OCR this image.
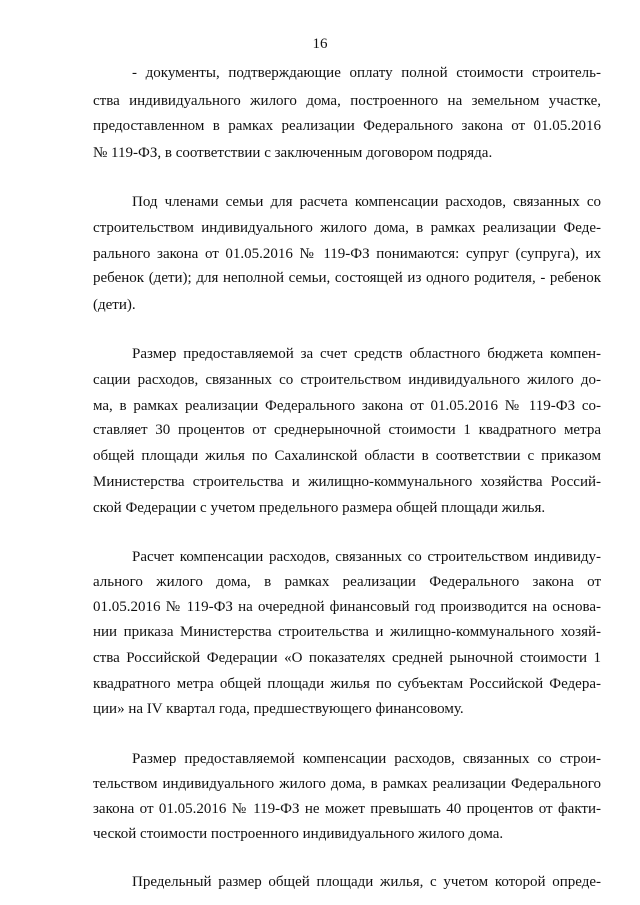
16
- документы, подтверждающие оплату полной стоимости строитель-
ства индивидуального жилого дома, построенного на земельном участке,
предоставленном в рамках реализации Федерального закона от 01.05.2016
№ 119-ФЗ, в соответствии с заключенным договором подряда.
Под членами семьи для расчета компенсации расходов, связанных со
строительством индивидуального жилого дома, в рамках реализации Феде-
рального закона от 01.05.2016 № 119-ФЗ понимаются: супруг (супруга), их
ребенок (дети); для неполной семьи, состоящей из одного родителя, - ребенок
(дети).
Размер предоставляемой за счет средств областного бюджета компен-
сации расходов, связанных со строительством индивидуального жилого до-
ма, в рамках реализации Федерального закона от 01.05.2016 № 119-ФЗ со-
ставляет 30 процентов от среднерыночной стоимости 1 квадратного метра
общей площади жилья по Сахалинской области в соответствии с приказом
Министерства строительства и жилищно-коммунального хозяйства Россий-
ской Федерации с учетом предельного размера общей площади жилья.
Расчет компенсации расходов, связанных со строительством индивиду-
ального жилого дома, в рамках реализации Федерального закона от
01.05.2016 № 119-ФЗ на очередной финансовый год производится на основа-
нии приказа Министерства строительства и жилищно-коммунального хозяй-
ства Российской Федерации «О показателях средней рыночной стоимости 1
квадратного метра общей площади жилья по субъектам Российской Федера-
ции» на IV квартал года, предшествующего финансовому.
Размер предоставляемой компенсации расходов, связанных со строи-
тельством индивидуального жилого дома, в рамках реализации Федерального
закона от 01.05.2016 № 119-ФЗ не может превышать 40 процентов от факти-
ческой стоимости построенного индивидуального жилого дома.
Предельный размер общей площади жилья, с учетом которой опреде-
